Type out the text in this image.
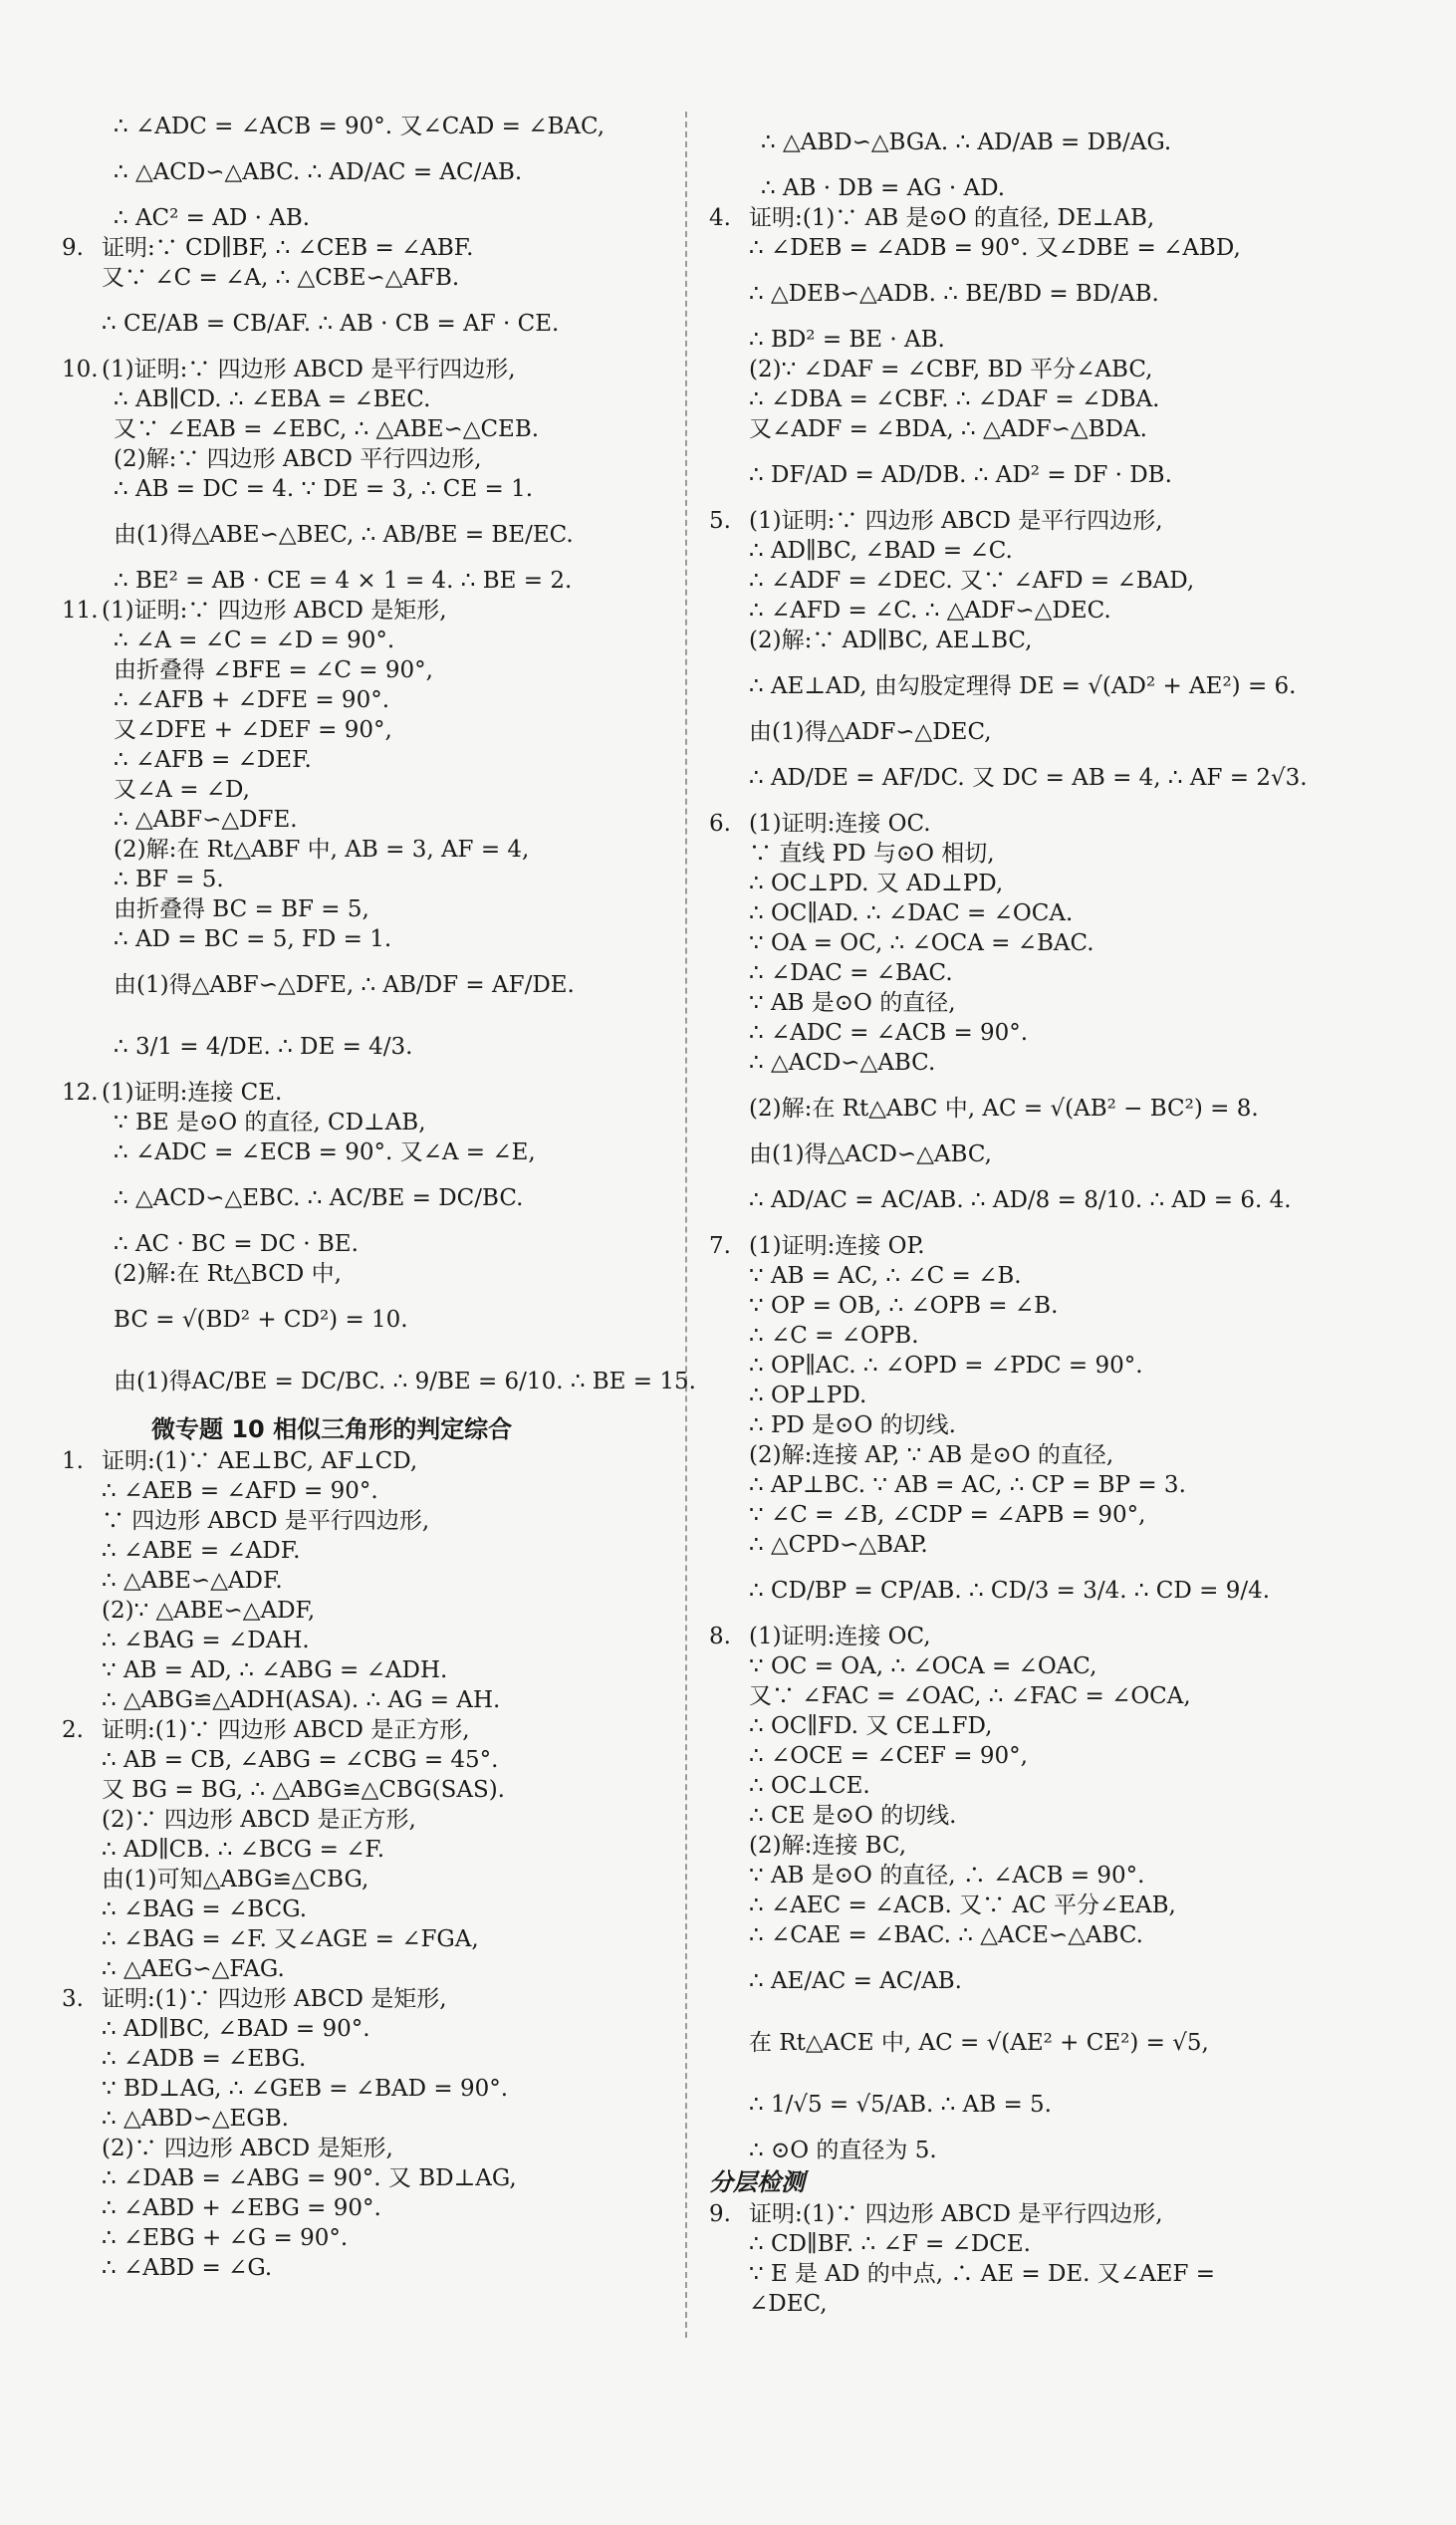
∴ ∠ADC = ∠ACB = 90°. 又∠CAD = ∠BAC,
∴ △ACD∽△ABC. ∴ AD/AC = AC/AB.
∴ AC² = AD · AB.
9. 证明:∵ CD∥BF, ∴ ∠CEB = ∠ABF.
又∵ ∠C = ∠A, ∴ △CBE∽△AFB.
∴ CE/AB = CB/AF. ∴ AB · CB = AF · CE.
10. (1)证明:∵ 四边形 ABCD 是平行四边形,
∴ AB∥CD. ∴ ∠EBA = ∠BEC.
又∵ ∠EAB = ∠EBC, ∴ △ABE∽△CEB.
(2)解:∵ 四边形 ABCD 平行四边形,
∴ AB = DC = 4. ∵ DE = 3, ∴ CE = 1.
由(1)得△ABE∽△BEC, ∴ AB/BE = BE/EC.
∴ BE² = AB · CE = 4 × 1 = 4. ∴ BE = 2.
11. (1)证明:∵ 四边形 ABCD 是矩形,
∴ ∠A = ∠C = ∠D = 90°.
由折叠得 ∠BFE = ∠C = 90°,
∴ ∠AFB + ∠DFE = 90°.
又∠DFE + ∠DEF = 90°,
∴ ∠AFB = ∠DEF.
又∠A = ∠D,
∴ △ABF∽△DFE.
(2)解:在 Rt△ABF 中, AB = 3, AF = 4,
∴ BF = 5.
由折叠得 BC = BF = 5,
∴ AD = BC = 5, FD = 1.
由(1)得△ABF∽△DFE, ∴ AB/DF = AF/DE.
∴ 3/1 = 4/DE. ∴ DE = 4/3.
12. (1)证明:连接 CE.
∵ BE 是⊙O 的直径, CD⊥AB,
∴ ∠ADC = ∠ECB = 90°. 又∠A = ∠E,
∴ △ACD∽△EBC. ∴ AC/BE = DC/BC.
∴ AC · BC = DC · BE.
(2)解:在 Rt△BCD 中,
BC = √(BD² + CD²) = 10.
由(1)得AC/BE = DC/BC. ∴ 9/BE = 6/10. ∴ BE = 15.
微专题 10 相似三角形的判定综合
1. 证明:(1)∵ AE⊥BC, AF⊥CD,
∴ ∠AEB = ∠AFD = 90°.
∵ 四边形 ABCD 是平行四边形,
∴ ∠ABE = ∠ADF.
∴ △ABE∽△ADF.
(2)∵ △ABE∽△ADF,
∴ ∠BAG = ∠DAH.
∵ AB = AD, ∴ ∠ABG = ∠ADH.
∴ △ABG≌△ADH(ASA). ∴ AG = AH.
2. 证明:(1)∵ 四边形 ABCD 是正方形,
∴ AB = CB, ∠ABG = ∠CBG = 45°.
又 BG = BG, ∴ △ABG≌△CBG(SAS).
(2)∵ 四边形 ABCD 是正方形,
∴ AD∥CB. ∴ ∠BCG = ∠F.
由(1)可知△ABG≌△CBG,
∴ ∠BAG = ∠BCG.
∴ ∠BAG = ∠F. 又∠AGE = ∠FGA,
∴ △AEG∽△FAG.
3. 证明:(1)∵ 四边形 ABCD 是矩形,
∴ AD∥BC, ∠BAD = 90°.
∴ ∠ADB = ∠EBG.
∵ BD⊥AG, ∴ ∠GEB = ∠BAD = 90°.
∴ △ABD∽△EGB.
(2)∵ 四边形 ABCD 是矩形,
∴ ∠DAB = ∠ABG = 90°. 又 BD⊥AG,
∴ ∠ABD + ∠EBG = 90°.
∴ ∠EBG + ∠G = 90°.
∴ ∠ABD = ∠G.
∴ △ABD∽△BGA. ∴ AD/AB = DB/AG.
∴ AB · DB = AG · AD.
4. 证明:(1)∵ AB 是⊙O 的直径, DE⊥AB,
∴ ∠DEB = ∠ADB = 90°. 又∠DBE = ∠ABD,
∴ △DEB∽△ADB. ∴ BE/BD = BD/AB.
∴ BD² = BE · AB.
(2)∵ ∠DAF = ∠CBF, BD 平分∠ABC,
∴ ∠DBA = ∠CBF. ∴ ∠DAF = ∠DBA.
又∠ADF = ∠BDA, ∴ △ADF∽△BDA.
∴ DF/AD = AD/DB. ∴ AD² = DF · DB.
5. (1)证明:∵ 四边形 ABCD 是平行四边形,
∴ AD∥BC, ∠BAD = ∠C.
∴ ∠ADF = ∠DEC. 又∵ ∠AFD = ∠BAD,
∴ ∠AFD = ∠C. ∴ △ADF∽△DEC.
(2)解:∵ AD∥BC, AE⊥BC,
∴ AE⊥AD, 由勾股定理得 DE = √(AD² + AE²) = 6.
由(1)得△ADF∽△DEC,
∴ AD/DE = AF/DC. 又 DC = AB = 4, ∴ AF = 2√3.
6. (1)证明:连接 OC.
∵ 直线 PD 与⊙O 相切,
∴ OC⊥PD. 又 AD⊥PD,
∴ OC∥AD. ∴ ∠DAC = ∠OCA.
∵ OA = OC, ∴ ∠OCA = ∠BAC.
∴ ∠DAC = ∠BAC.
∵ AB 是⊙O 的直径,
∴ ∠ADC = ∠ACB = 90°.
∴ △ACD∽△ABC.
(2)解:在 Rt△ABC 中, AC = √(AB² − BC²) = 8.
由(1)得△ACD∽△ABC,
∴ AD/AC = AC/AB. ∴ AD/8 = 8/10. ∴ AD = 6. 4.
7. (1)证明:连接 OP.
∵ AB = AC, ∴ ∠C = ∠B.
∵ OP = OB, ∴ ∠OPB = ∠B.
∴ ∠C = ∠OPB.
∴ OP∥AC. ∴ ∠OPD = ∠PDC = 90°.
∴ OP⊥PD.
∴ PD 是⊙O 的切线.
(2)解:连接 AP, ∵ AB 是⊙O 的直径,
∴ AP⊥BC. ∵ AB = AC, ∴ CP = BP = 3.
∵ ∠C = ∠B, ∠CDP = ∠APB = 90°,
∴ △CPD∽△BAP.
∴ CD/BP = CP/AB. ∴ CD/3 = 3/4. ∴ CD = 9/4.
8. (1)证明:连接 OC,
∵ OC = OA, ∴ ∠OCA = ∠OAC,
又∵ ∠FAC = ∠OAC, ∴ ∠FAC = ∠OCA,
∴ OC∥FD. 又 CE⊥FD,
∴ ∠OCE = ∠CEF = 90°,
∴ OC⊥CE.
∴ CE 是⊙O 的切线.
(2)解:连接 BC,
∵ AB 是⊙O 的直径, ∴ ∠ACB = 90°.
∴ ∠AEC = ∠ACB. 又∵ AC 平分∠EAB,
∴ ∠CAE = ∠BAC. ∴ △ACE∽△ABC.
∴ AE/AC = AC/AB.
在 Rt△ACE 中, AC = √(AE² + CE²) = √5,
∴ 1/√5 = √5/AB. ∴ AB = 5.
∴ ⊙O 的直径为 5.
分层检测
9. 证明:(1)∵ 四边形 ABCD 是平行四边形,
∴ CD∥BF. ∴ ∠F = ∠DCE.
∵ E 是 AD 的中点, ∴ AE = DE. 又∠AEF =
∠DEC,
